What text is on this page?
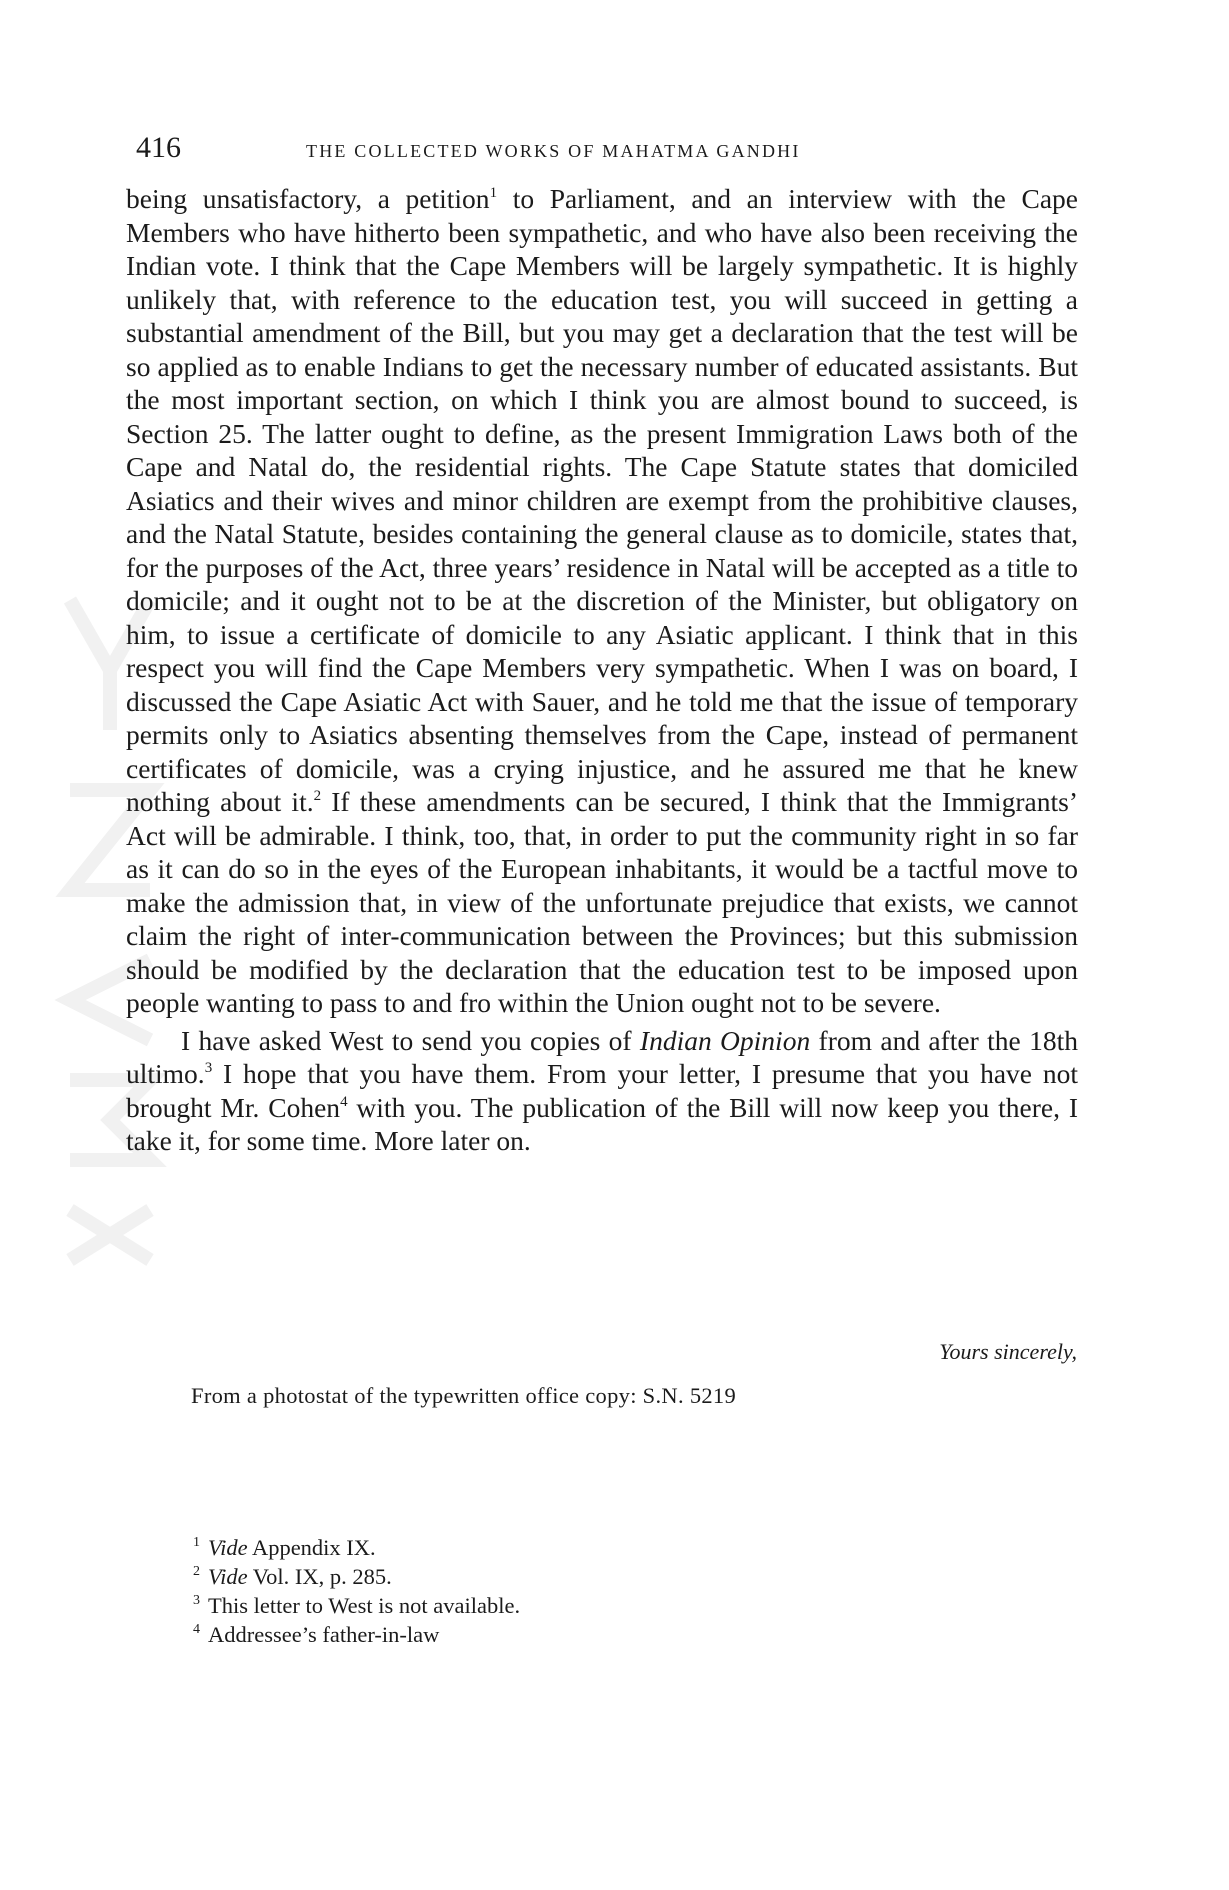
416	THE COLLECTED WORKS OF MAHATMA GANDHI

being unsatisfactory, a petition$^1$ to Parliament, and an interview with the Cape Members who have hitherto been sympathetic, and who have also been receiving the Indian vote. I think that the Cape Members will be largely sympathetic. It is highly unlikely that, with reference to the education test, you will succeed in getting a substantial amendment of the Bill, but you may get a declaration that the test will be so applied as to enable Indians to get the necessary number of educated assistants. But the most important section, on which I think you are almost bound to succeed, is Section 25. The latter ought to define, as the present Immigration Laws both of the Cape and Natal do, the residential rights. The Cape Statute states that domiciled Asiatics and their wives and minor children are exempt from the prohibitive clauses, and the Natal Statute, besides containing the general clause as to domicile, states that, for the purposes of the Act, three years’ residence in Natal will be accepted as a title to domicile; and it ought not to be at the discretion of the Minister, but obligatory on him, to issue a certificate of domicile to any Asiatic applicant. I think that in this respect you will find the Cape Members very sympathetic. When I was on board, I discussed the Cape Asiatic Act with Sauer, and he told me that the issue of temporary permits only to Asiatics absenting themselves from the Cape, instead of permanent certificates of domicile, was a crying injustice, and he assured me that he knew nothing about it.$^2$ If these amendments can be secured, I think that the Immigrants’ Act will be admirable. I think, too, that, in order to put the community right in so far as it can do so in the eyes of the European inhabitants, it would be a tactful move to make the admission that, in view of the unfortunate prejudice that exists, we cannot claim the right of inter-communication between the Provinces; but this submission should be modified by the declaration that the education test to be imposed upon people wanting to pass to and fro within the Union ought not to be severe.

I have asked West to send you copies of Indian Opinion from and after the 18th ultimo.$^3$ I hope that you have them. From your letter, I presume that you have not brought Mr. Cohen$^4$ with you. The publication of the Bill will now keep you there, I take it, for some time. More later on.

Yours sincerely,
From a photostat of the typewritten office copy: S.N. 5219

$^1$ Vide Appendix IX.

$^2$ Vide Vol. IX, p. 285.

$^3$ This letter to West is not available.

$^4$ Addressee’s father-in-law
